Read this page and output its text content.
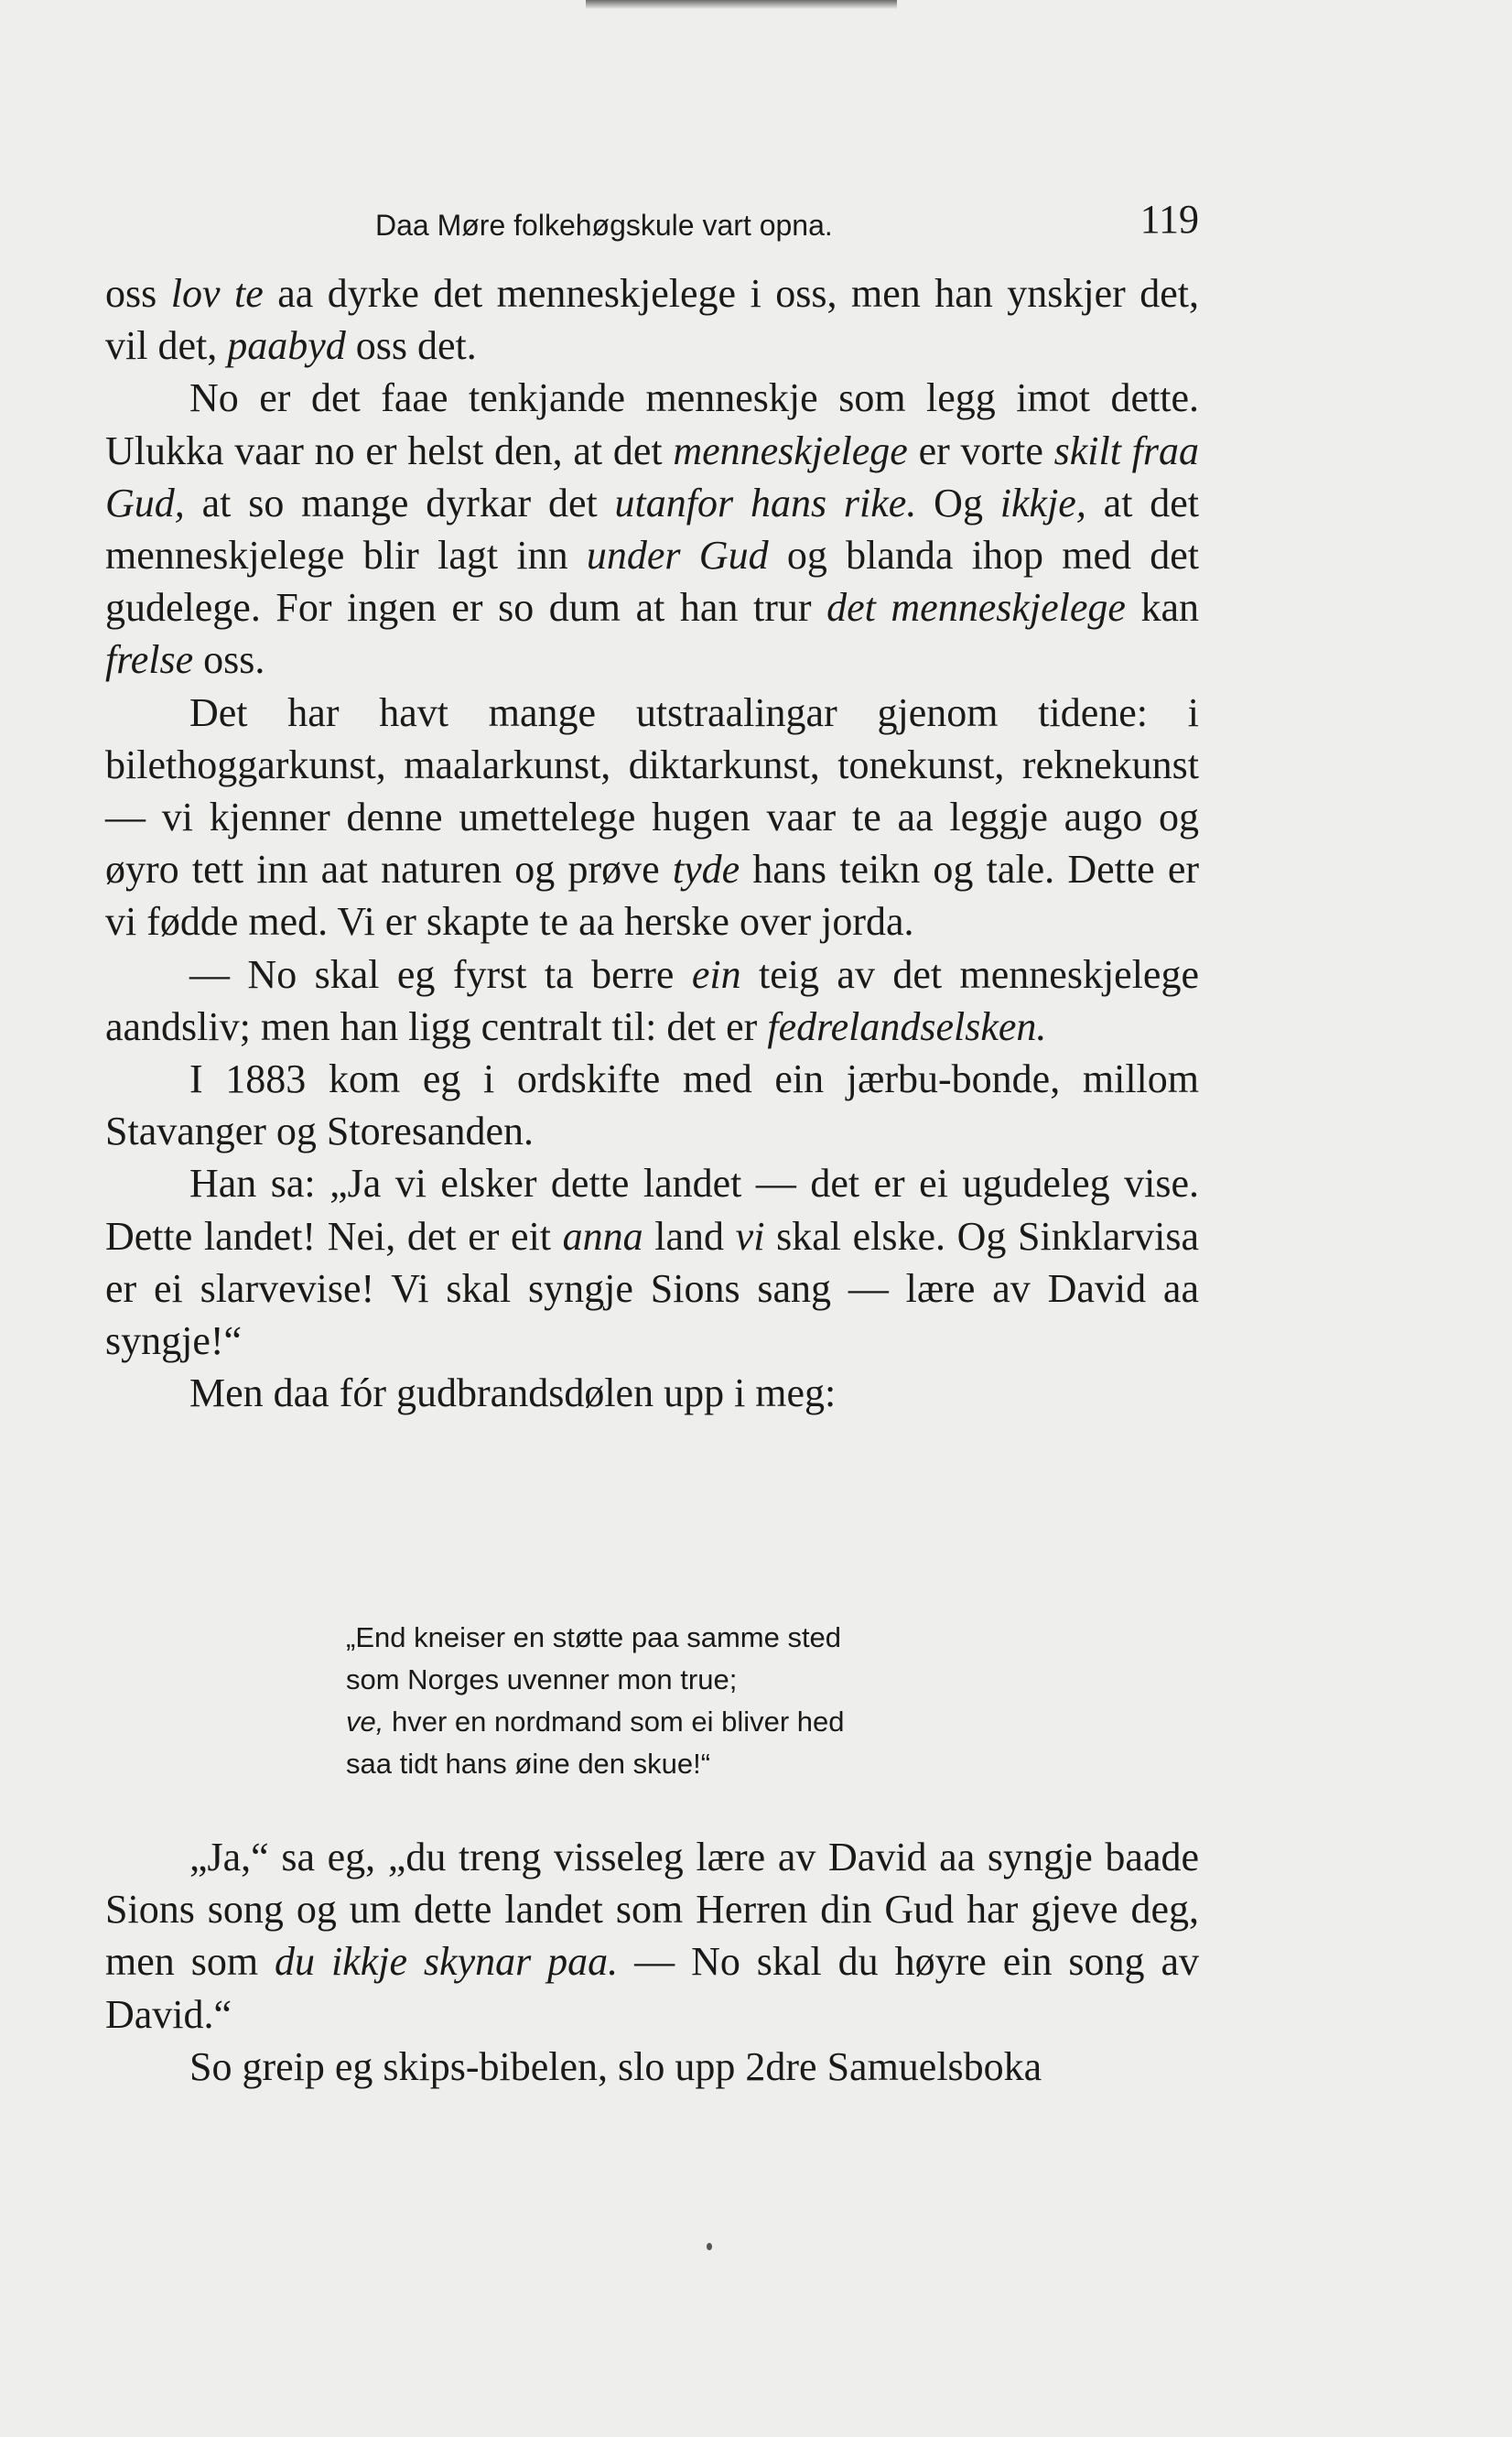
Daa Møre folkehøgskule vart opna.	119

oss lov te aa dyrke det menneskjelege i oss, men han ynskjer det, vil det, paabyd oss det.

No er det faae tenkjande menneskje som legg imot dette. Ulukka vaar no er helst den, at det menneskjelege er vorte skilt fraa Gud, at so mange dyrkar det utanfor hans rike. Og ikkje, at det menneskjelege blir lagt inn under Gud og blanda ihop med det gudelege. For ingen er so dum at han trur det menneskjelege kan frelse oss.

Det har havt mange utstraalingar gjenom tidene: i bilethoggarkunst, maalarkunst, diktarkunst, tonekunst, reknekunst — vi kjenner denne umettelege hugen vaar te aa leggje augo og øyro tett inn aat naturen og prøve tyde hans teikn og tale. Dette er vi fødde med. Vi er skapte te aa herske over jorda.

— No skal eg fyrst ta berre ein teig av det menneskjelege aandsliv; men han ligg centralt til: det er fedrelandselsken.

I 1883 kom eg i ordskifte med ein jærbu-bonde, millom Stavanger og Storesanden.

Han sa: „Ja vi elsker dette landet — det er ei ugudeleg vise. Dette landet! Nei, det er eit anna land vi skal elske. Og Sinklarvisa er ei slarvevise! Vi skal syngje Sions sang — lære av David aa syngje!“

Men daa fór gudbrandsdølen upp i meg:

„End kneiser en støtte paa samme sted
som Norges uvenner mon true;
ve, hver en nordmand som ei bliver hed
saa tidt hans øine den skue!“

„Ja,“ sa eg, „du treng visseleg lære av David aa syngje baade Sions song og um dette landet som Herren din Gud har gjeve deg, men som du ikkje skynar paa. — No skal du høyre ein song av David.“

So greip eg skips-bibelen, slo upp 2dre Samuelsboka
